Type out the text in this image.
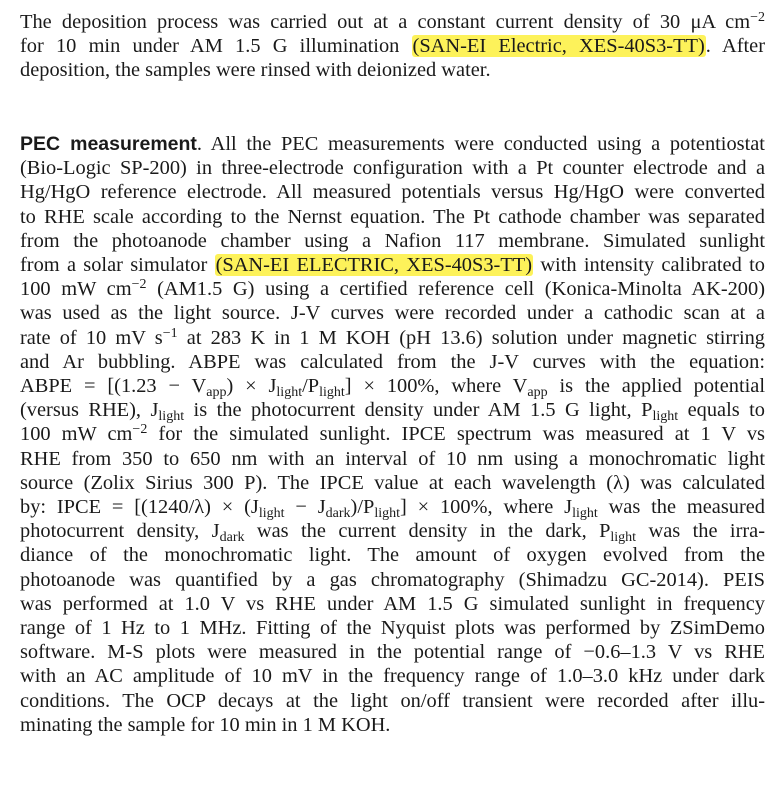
The deposition process was carried out at a constant current density of 30 μA $cm^{-2}$
for 10 min under AM 1.5 G illumination (SAN-EI Electric, XES-40S3-TT). After
deposition, the samples were rinsed with deionized water.
PEC measurement. All the PEC measurements were conducted using a potentiostat
(Bio-Logic SP-200) in three-electrode configuration with a Pt counter electrode and a
Hg/HgO reference electrode. All measured potentials versus Hg/HgO were converted
to RHE scale according to the Nernst equation. The Pt cathode chamber was separated
from the photoanode chamber using a Nafion 117 membrane. Simulated sunlight
from a solar simulator (SAN-EI ELECTRIC, XES-40S3-TT) with intensity calibrated to
100 mW $cm^{-2}$ (AM1.5 G) using a certified reference cell (Konica-Minolta AK-200)
was used as the light source. J-V curves were recorded under a cathodic scan at a
rate of 10 mV $s^{-1}$ at 283 K in 1 M KOH (pH 13.6) solution under magnetic stirring
and Ar bubbling. ABPE was calculated from the J-V curves with the equation:
ABPE = $[(1.23 - V_{app}) \times J_{light}/P_{light}] \times 100\%$, where $V_{app}$ is the applied potential
(versus RHE), $J_{light}$ is the photocurrent density under AM 1.5 G light, $P_{light}$ equals to
100 mW $cm^{-2}$ for the simulated sunlight. IPCE spectrum was measured at 1 V vs
RHE from 350 to 650 nm with an interval of 10 nm using a monochromatic light
source (Zolix Sirius 300 P). The IPCE value at each wavelength (λ) was calculated
by: IPCE = $[(1240/\lambda) \times (J_{light} - J_{dark})/P_{light}] \times 100\%$, where $J_{light}$ was the measured
photocurrent density, $J_{dark}$ was the current density in the dark, $P_{light}$ was the irra-
diance of the monochromatic light. The amount of oxygen evolved from the
photoanode was quantified by a gas chromatography (Shimadzu GC-2014). PEIS
was performed at 1.0 V vs RHE under AM 1.5 G simulated sunlight in frequency
range of 1 Hz to 1 MHz. Fitting of the Nyquist plots was performed by ZSimDemo
software. M-S plots were measured in the potential range of −0.6–1.3 V vs RHE
with an AC amplitude of 10 mV in the frequency range of 1.0–3.0 kHz under dark
conditions. The OCP decays at the light on/off transient were recorded after illu-
minating the sample for 10 min in 1 M KOH.
